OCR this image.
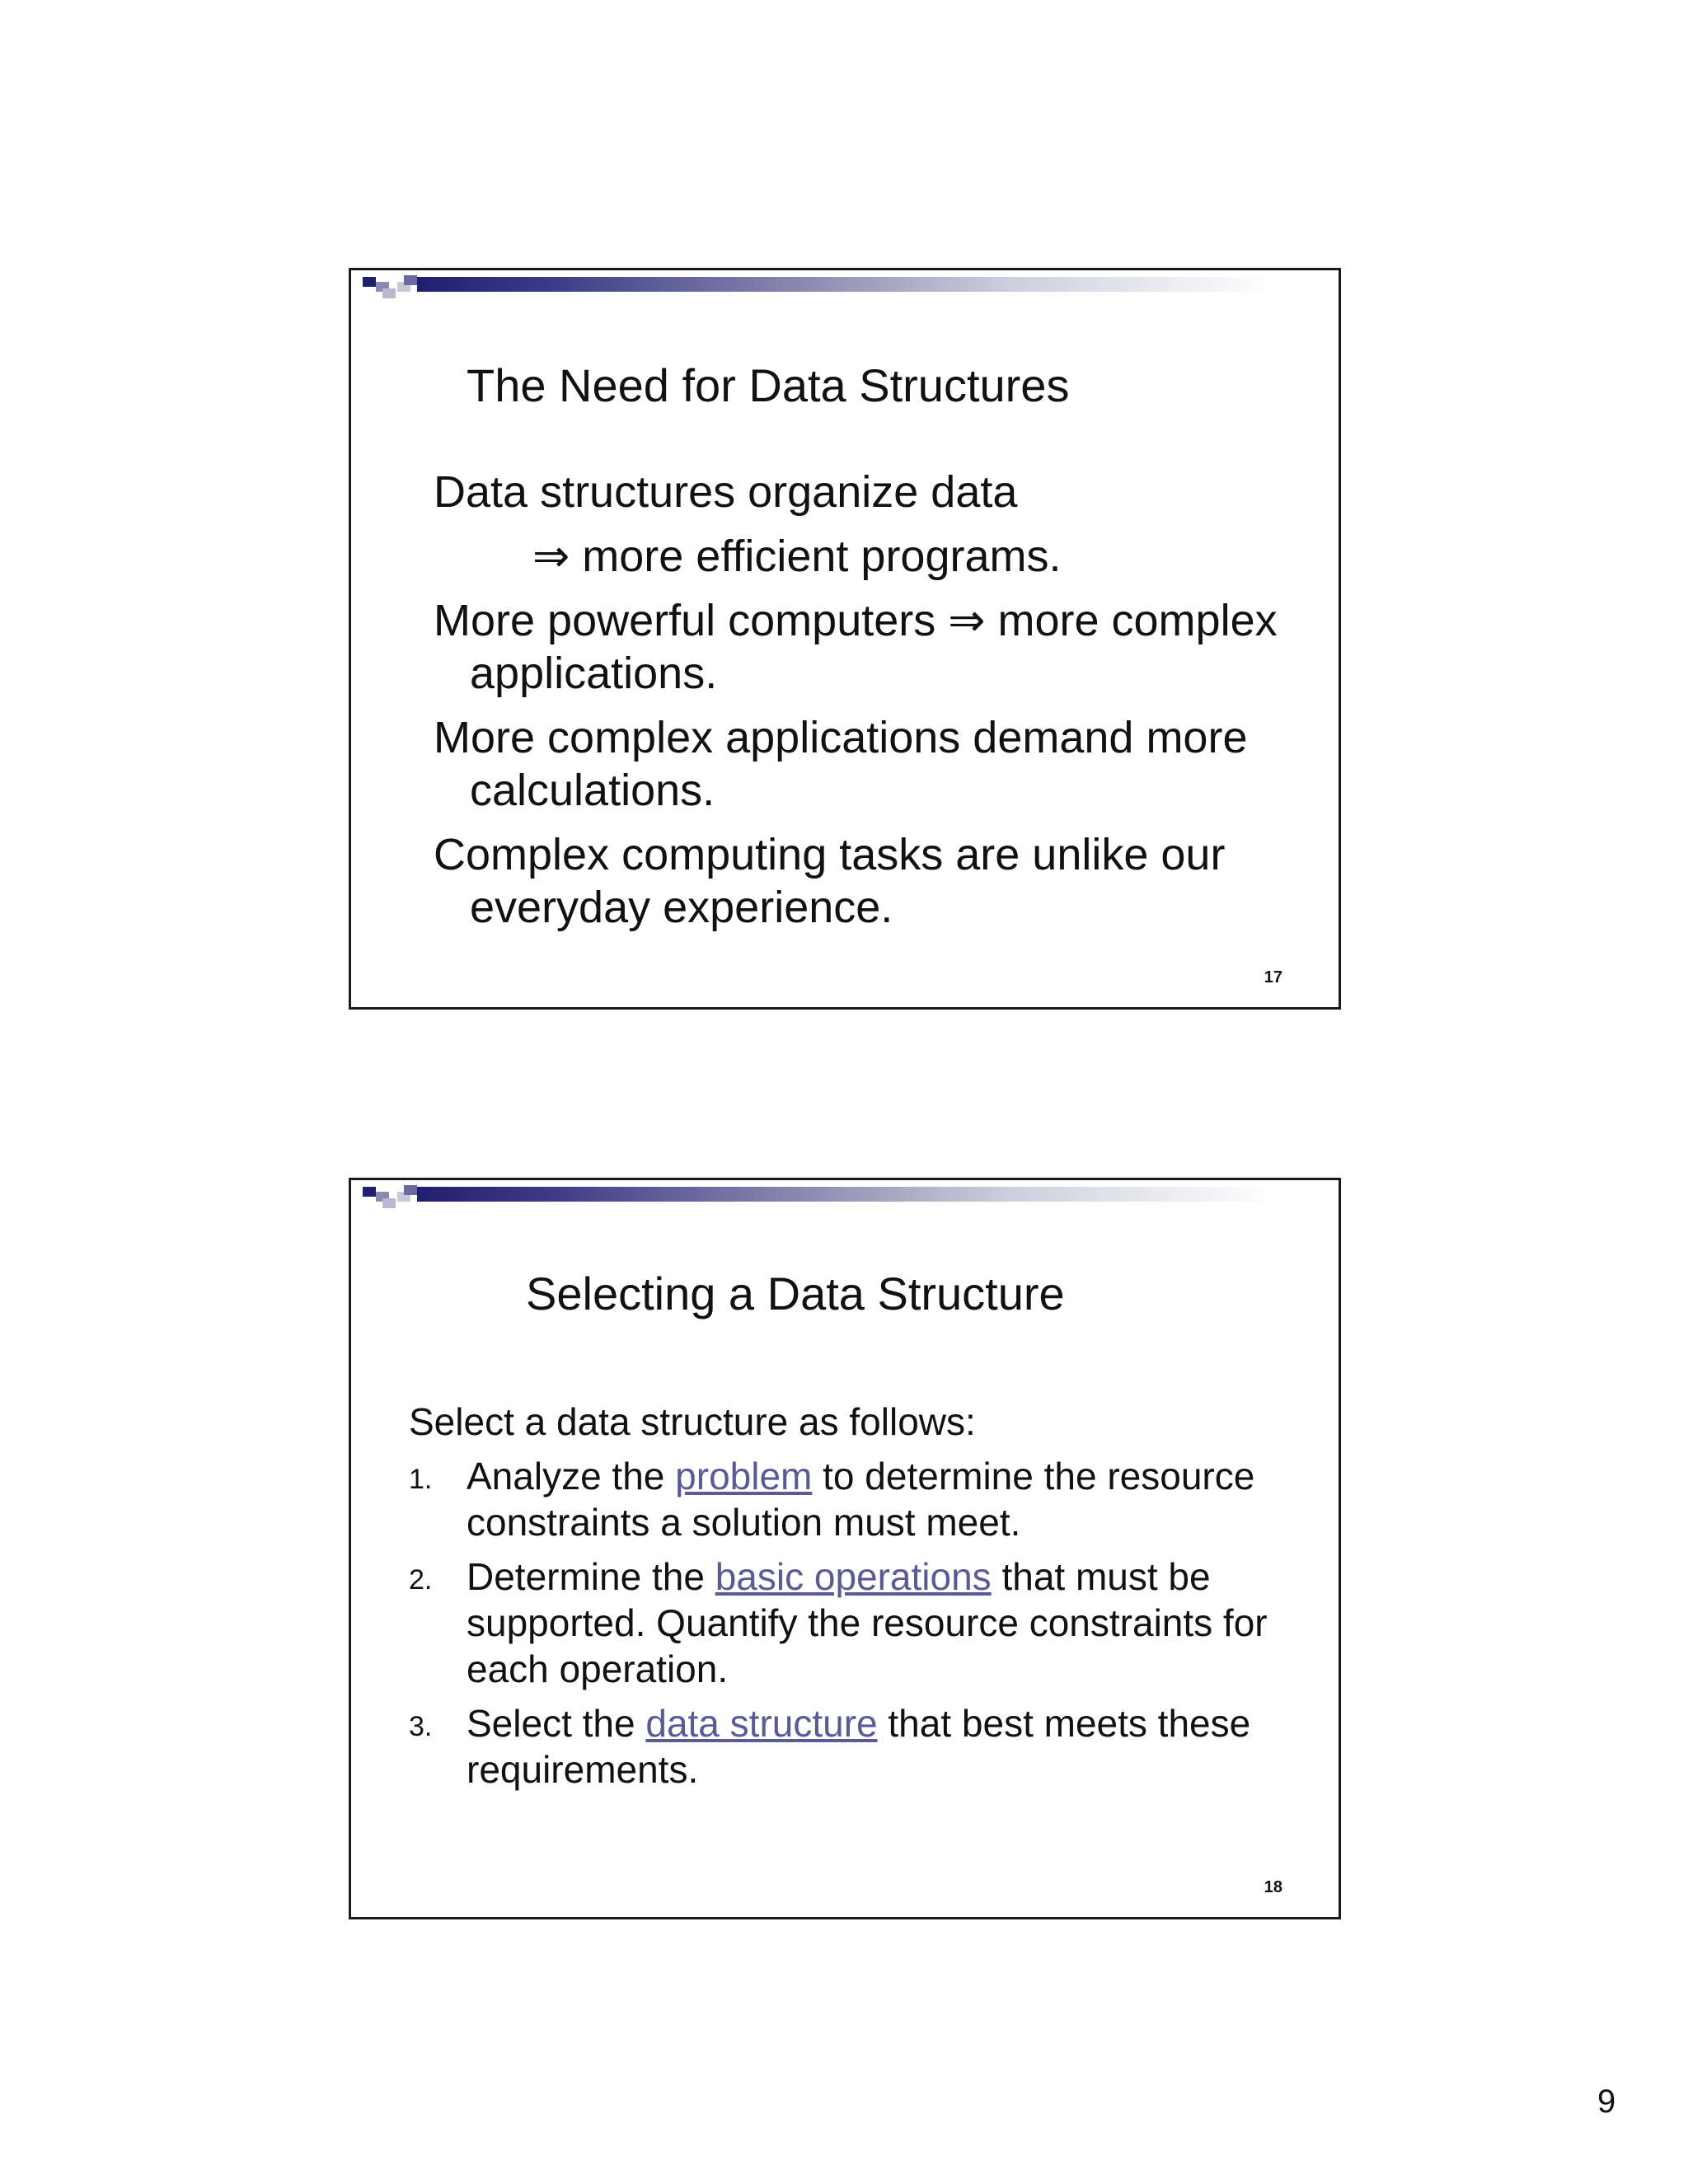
The Need for Data Structures

Data structures organize data

⇒ more efficient programs.

More powerful computers ⇒ more complex applications.

More complex applications demand more calculations.

Complex computing tasks are unlike our everyday experience.

17
Selecting a Data Structure

Select a data structure as follows:

1. Analyze the problem to determine the resource constraints a solution must meet.
2. Determine the basic operations that must be supported. Quantify the resource constraints for each operation.
3. Select the data structure that best meets these requirements.
18
9
